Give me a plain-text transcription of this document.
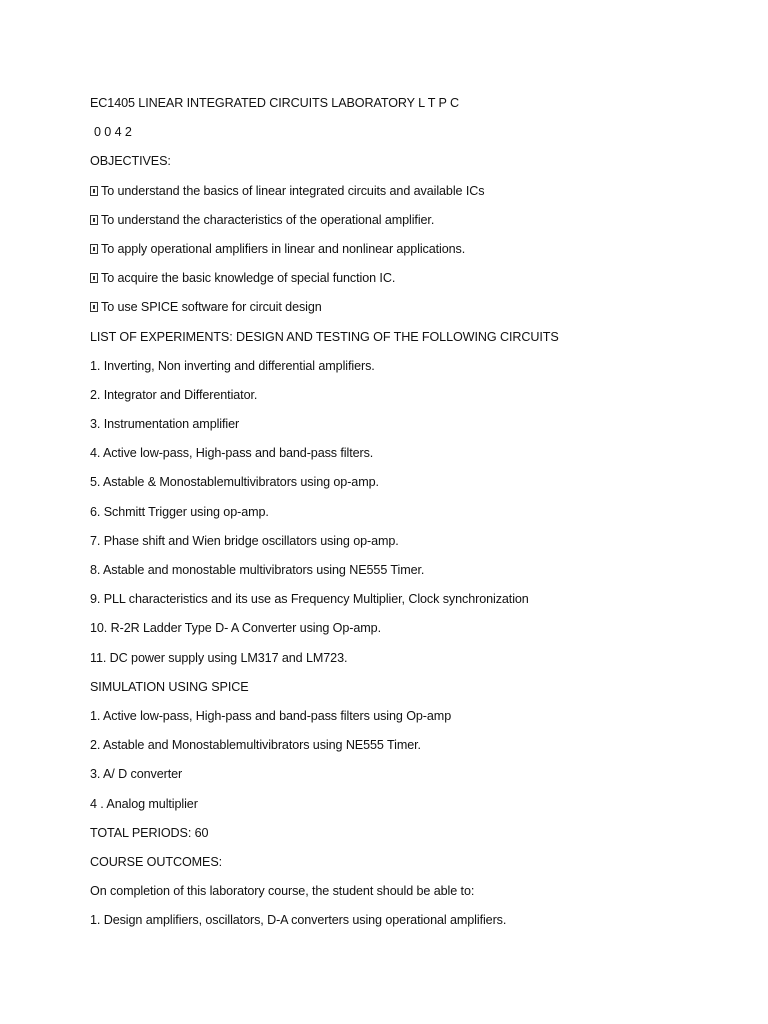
EC1405 LINEAR INTEGRATED CIRCUITS LABORATORY L T P C
0 0 4 2
OBJECTIVES:
To understand the basics of linear integrated circuits and available ICs
To understand the characteristics of the operational amplifier.
To apply operational amplifiers in linear and nonlinear applications.
To acquire the basic knowledge of special function IC.
To use SPICE software for circuit design
LIST OF EXPERIMENTS: DESIGN AND TESTING OF THE FOLLOWING CIRCUITS
1. Inverting, Non inverting and differential amplifiers.
2. Integrator and Differentiator.
3. Instrumentation amplifier
4. Active low-pass, High-pass and band-pass filters.
5. Astable & Monostablemultivibrators using op-amp.
6. Schmitt Trigger using op-amp.
7. Phase shift and Wien bridge oscillators using op-amp.
8. Astable and monostable multivibrators using NE555 Timer.
9. PLL characteristics and its use as Frequency Multiplier, Clock synchronization
10. R-2R Ladder Type D- A Converter using Op-amp.
11. DC power supply using LM317 and LM723.
SIMULATION USING SPICE
1. Active low-pass, High-pass and band-pass filters using Op-amp
2. Astable and Monostablemultivibrators using NE555 Timer.
3. A/ D converter
4 . Analog multiplier
TOTAL PERIODS: 60
COURSE OUTCOMES:
On completion of this laboratory course, the student should be able to:
1. Design amplifiers, oscillators, D-A converters using operational amplifiers.
